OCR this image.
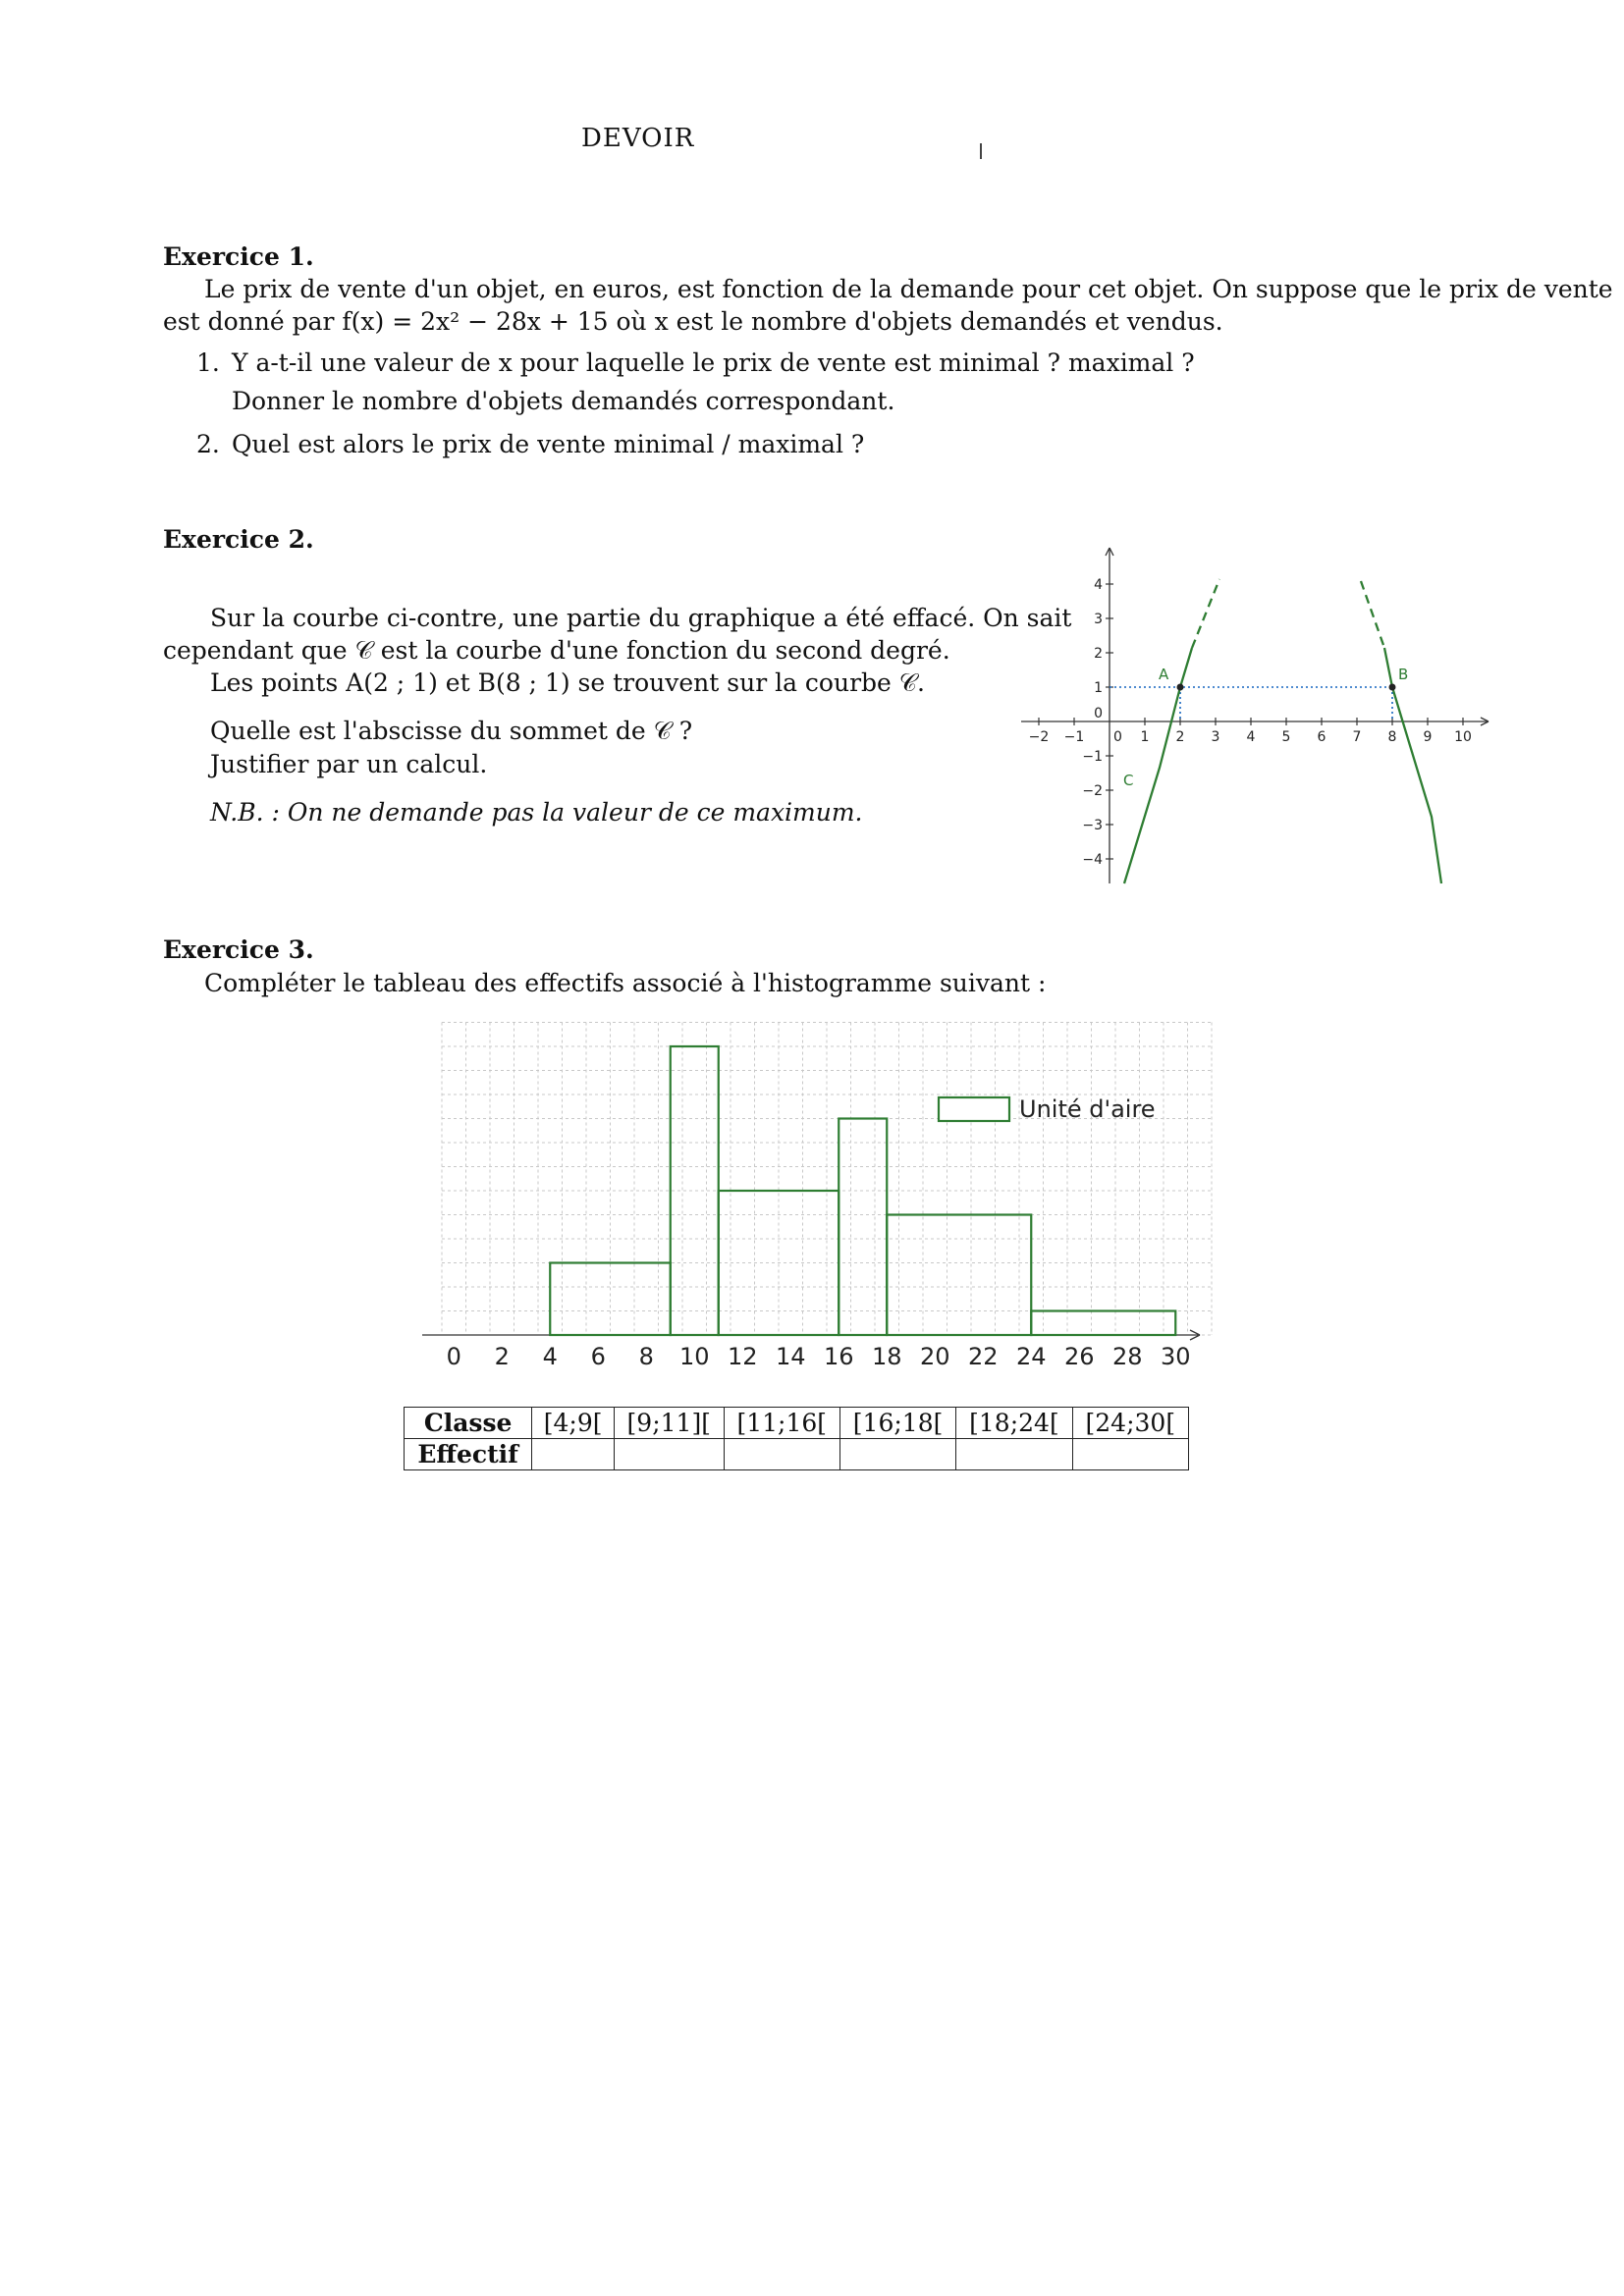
DEVOIR
Exercice 1.
Le prix de vente d'un objet, en euros, est fonction de la demande pour cet objet. On suppose que le prix de vente
est donné par f(x) = 2x² − 28x + 15 où x est le nombre d'objets demandés et vendus.
1. Y a-t-il une valeur de x pour laquelle le prix de vente est minimal ? maximal ?
Donner le nombre d'objets demandés correspondant.
2. Quel est alors le prix de vente minimal / maximal ?
Exercice 2.
Sur la courbe ci-contre, une partie du graphique a été effacé. On sait
cependant que 𝒞 est la courbe d'une fonction du second degré.
Les points A(2 ; 1) et B(8 ; 1) se trouvent sur la courbe 𝒞.
Quelle est l'abscisse du sommet de 𝒞 ?
Justifier par un calcul.
N.B. : On ne demande pas la valeur de ce maximum.
−2 −1	1 2 3 4 5 6 7 8 9 10
0
4
3
2
1
0
−1
−2
−3
−4
A	B
C
Exercice 3.
Compléter le tableau des effectifs associé à l'histogramme suivant :
0 2 4 6 8 10 12 14 16 18 20 22 24 26 28 30
Unité d'aire
Classe	[4;9[	[9;11][	[11;16[	[16;18[	[18;24[	[24;30[
Effectif						
